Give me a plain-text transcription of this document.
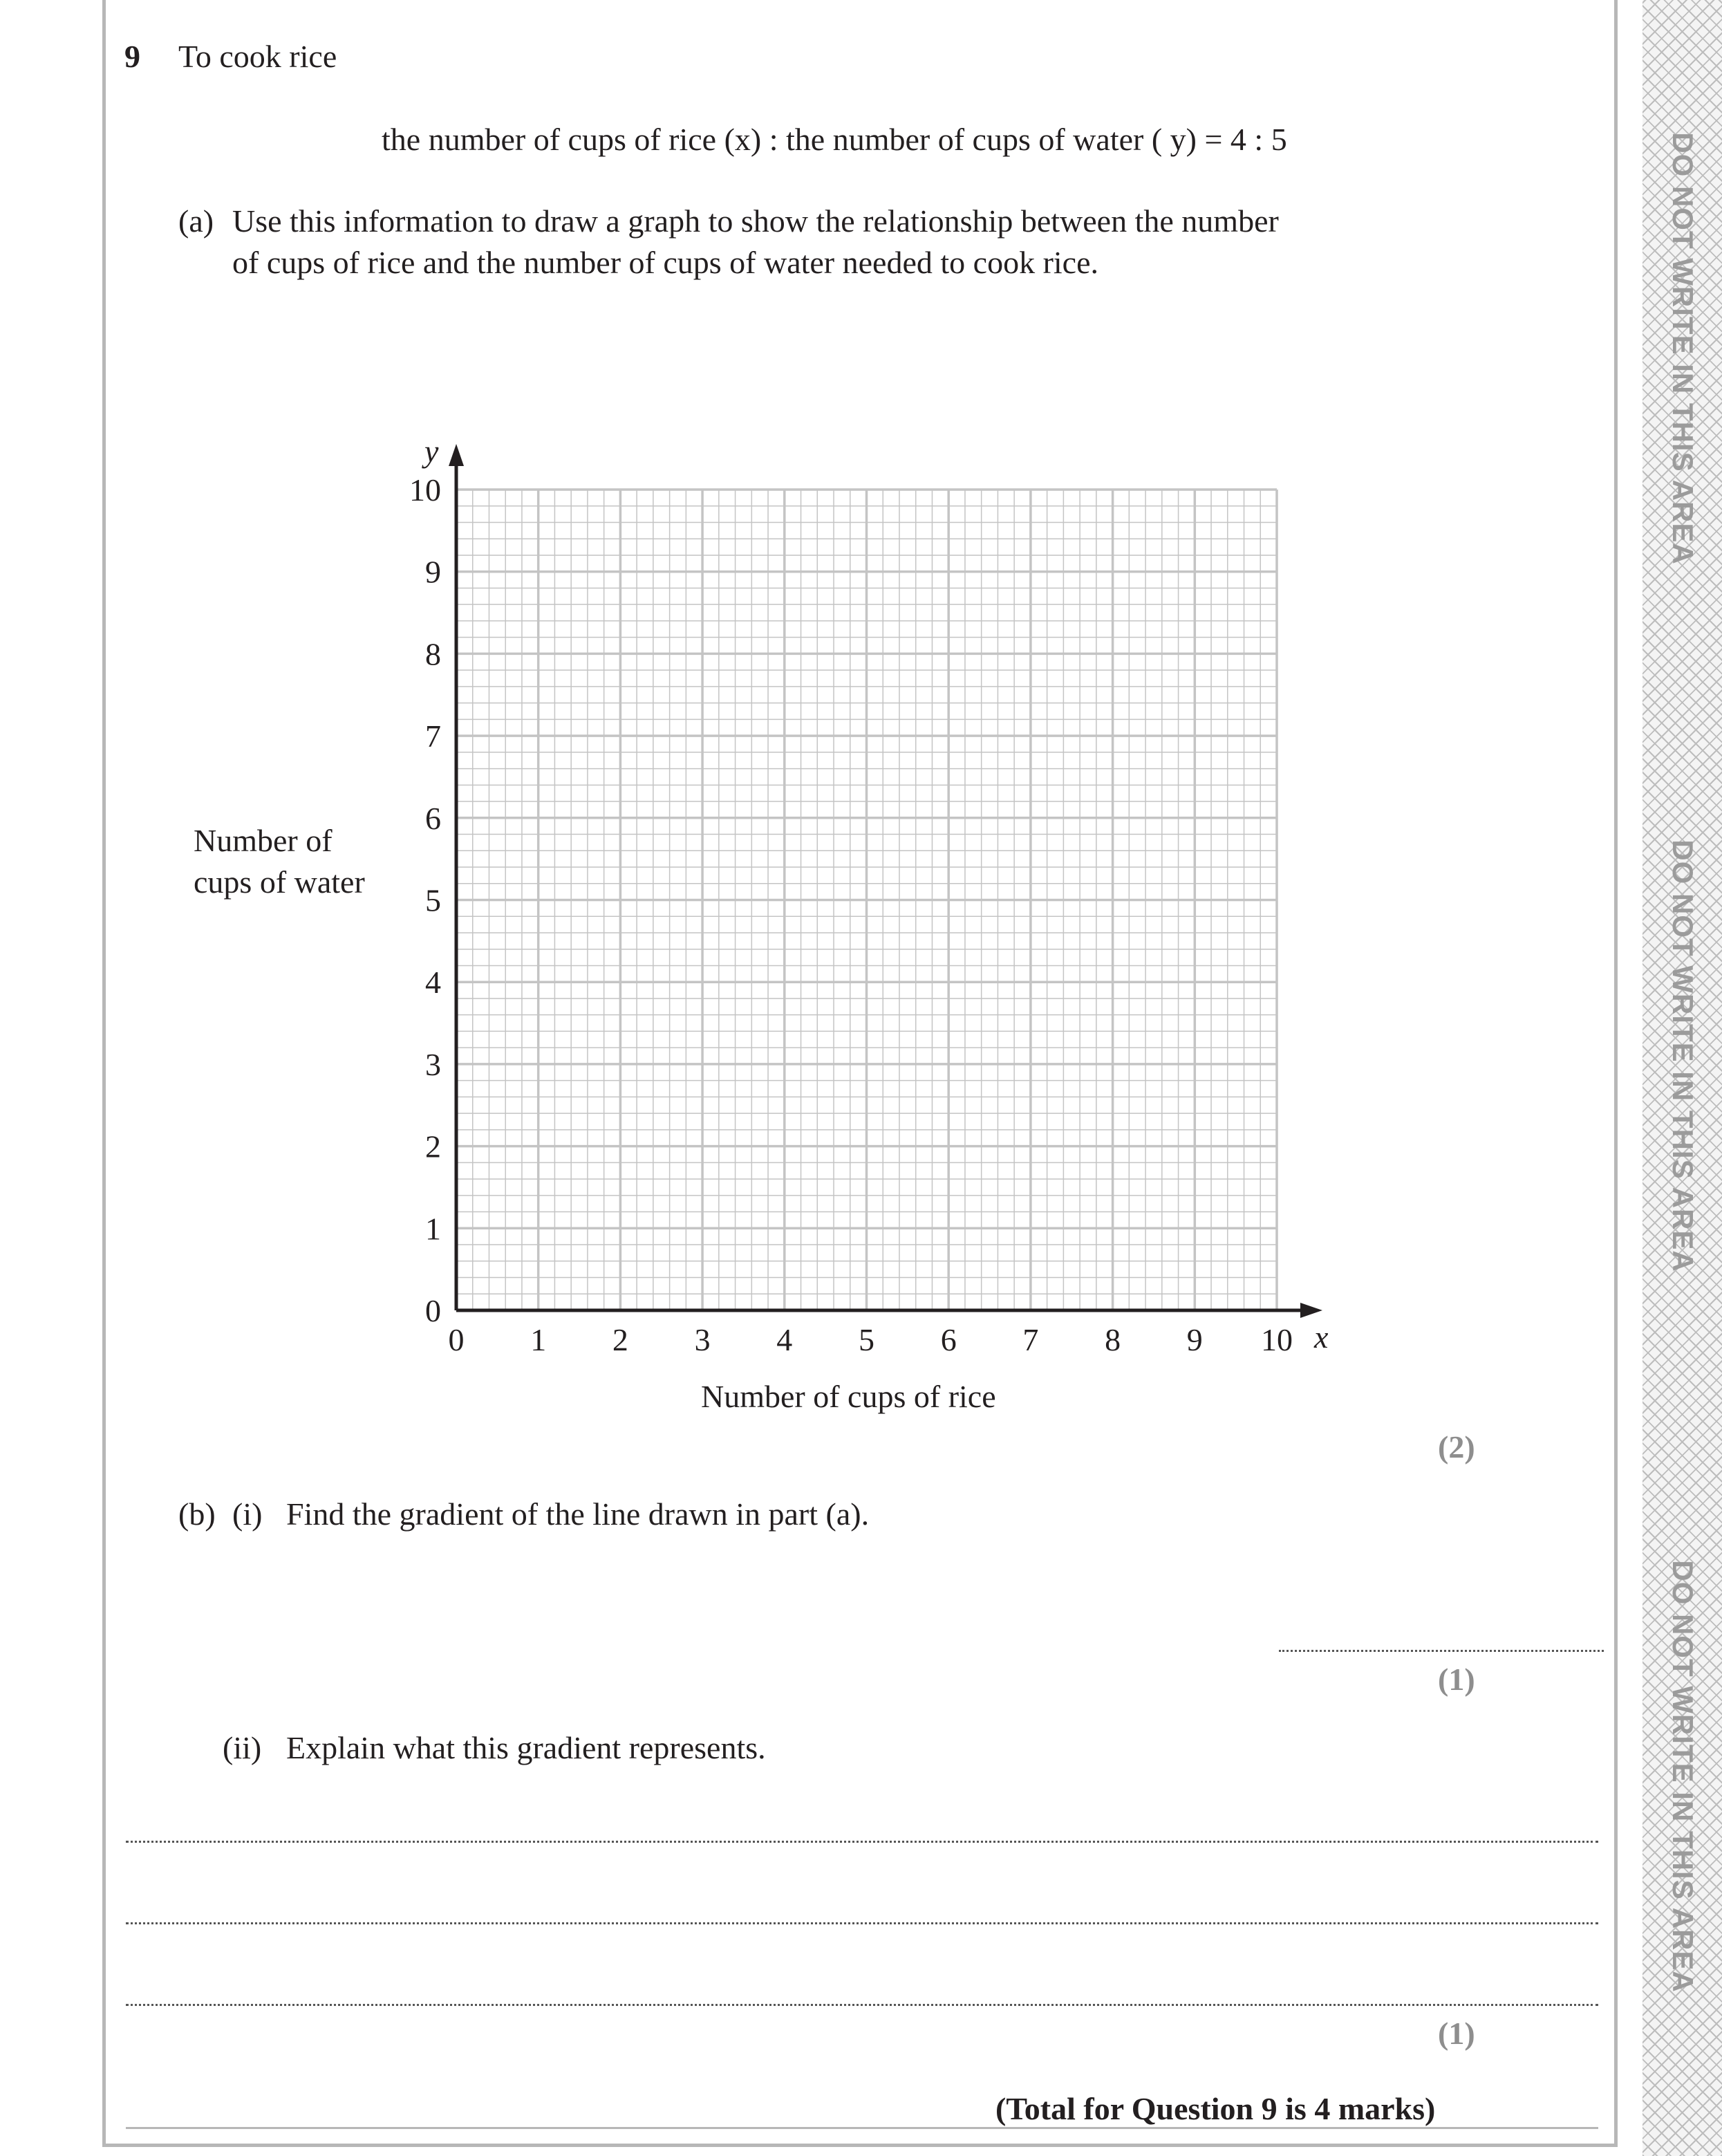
DO NOT WRITE IN THIS AREA
DO NOT WRITE IN THIS AREA
DO NOT WRITE IN THIS AREA
9 To cook rice
the number of cups of rice (x) : the number of cups of water ( y) = 4 : 5
(a) Use this information to draw a graph to show the relationship between the number
of cups of rice and the number of cups of water needed to cook rice.
Number of
cups of water
0 1 2 3 4 5 6 7 8 9 10
0
1
2
3
4
5
6
7
8
9
10
x
y
Number of cups of rice
(2)
(b) (i) Find the gradient of the line drawn in part (a).
(1)
(ii) Explain what this gradient represents.
(1)
(Total for Question 9 is 4 marks)
